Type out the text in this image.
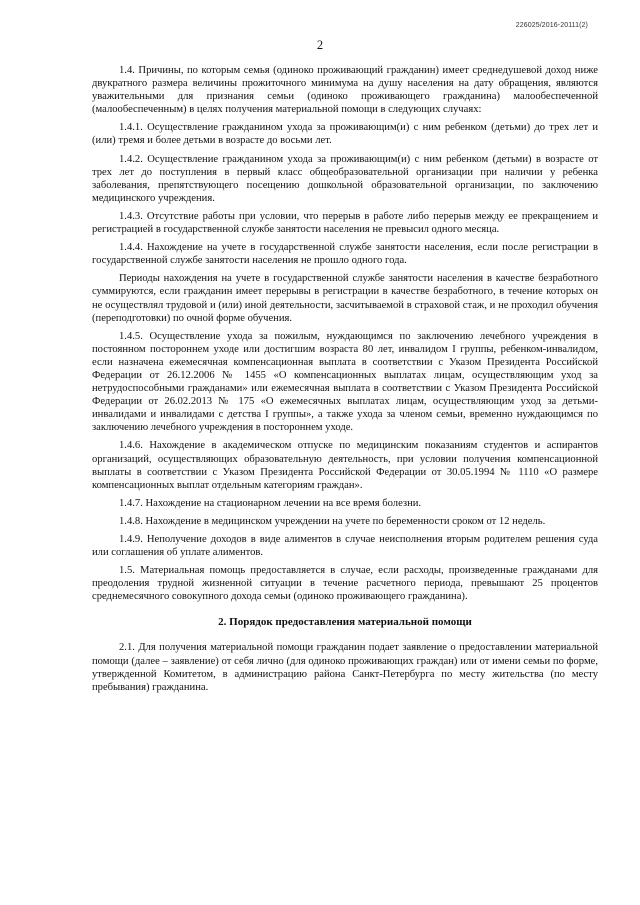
226025/2016-20111(2)
2

1.4. Причины, по которым семья (одиноко проживающий гражданин) имеет среднедушевой доход ниже двукратного размера величины прожиточного минимума на душу населения на дату обращения, являются уважительными для признания семьи (одиноко проживающего гражданина) малообеспеченной (малообеспеченным) в целях получения материальной помощи в следующих случаях:

1.4.1. Осуществление гражданином ухода за проживающим(и) с ним ребенком (детьми) до трех лет и (или) тремя и более детьми в возрасте до восьми лет.

1.4.2. Осуществление гражданином ухода за проживающим(и) с ним ребенком (детьми) в возрасте от трех лет до поступления в первый класс общеобразовательной организации при наличии у ребенка заболевания, препятствующего посещению дошкольной образовательной организации, по заключению медицинского учреждения.

1.4.3. Отсутствие работы при условии, что перерыв в работе либо перерыв между ее прекращением и регистрацией в государственной службе занятости населения не превысил одного месяца.

1.4.4. Нахождение на учете в государственной службе занятости населения, если после регистрации в государственной службе занятости населения не прошло одного года.

Периоды нахождения на учете в государственной службе занятости населения в качестве безработного суммируются, если гражданин имеет перерывы в регистрации в качестве безработного, в течение которых он не осуществлял трудовой и (или) иной деятельности, засчитываемой в страховой стаж, и не проходил обучения (переподготовки) по очной форме обучения.

1.4.5. Осуществление ухода за пожилым, нуждающимся по заключению лечебного учреждения в постоянном постороннем уходе или достигшим возраста 80 лет, инвалидом I группы, ребенком-инвалидом, если назначена ежемесячная компенсационная выплата в соответствии с Указом Президента Российской Федерации от 26.12.2006 № 1455 «О компенсационных выплатах лицам, осуществляющим уход за нетрудоспособными гражданами» или ежемесячная выплата в соответствии с Указом Президента Российской Федерации от 26.02.2013 № 175 «О ежемесячных выплатах лицам, осуществляющим уход за детьми-инвалидами и инвалидами с детства I группы», а также ухода за членом семьи, временно нуждающимся по заключению лечебного учреждения в постороннем уходе.

1.4.6. Нахождение в академическом отпуске по медицинским показаниям студентов и аспирантов организаций, осуществляющих образовательную деятельность, при условии получения компенсационной выплаты в соответствии с Указом Президента Российской Федерации от 30.05.1994 № 1110 «О размере компенсационных выплат отдельным категориям граждан».

1.4.7. Нахождение на стационарном лечении на все время болезни.

1.4.8. Нахождение в медицинском учреждении на учете по беременности сроком от 12 недель.

1.4.9. Неполучение доходов в виде алиментов в случае неисполнения вторым родителем решения суда или соглашения об уплате алиментов.

1.5. Материальная помощь предоставляется в случае, если расходы, произведенные гражданами для преодоления трудной жизненной ситуации в течение расчетного периода, превышают 25 процентов среднемесячного совокупного дохода семьи (одиноко проживающего гражданина).

2. Порядок предоставления материальной помощи

2.1. Для получения материальной помощи гражданин подает заявление о предоставлении материальной помощи (далее – заявление) от себя лично (для одиноко проживающих граждан) или от имени семьи по форме, утвержденной Комитетом, в администрацию района Санкт-Петербурга по месту жительства (по месту пребывания) гражданина.
